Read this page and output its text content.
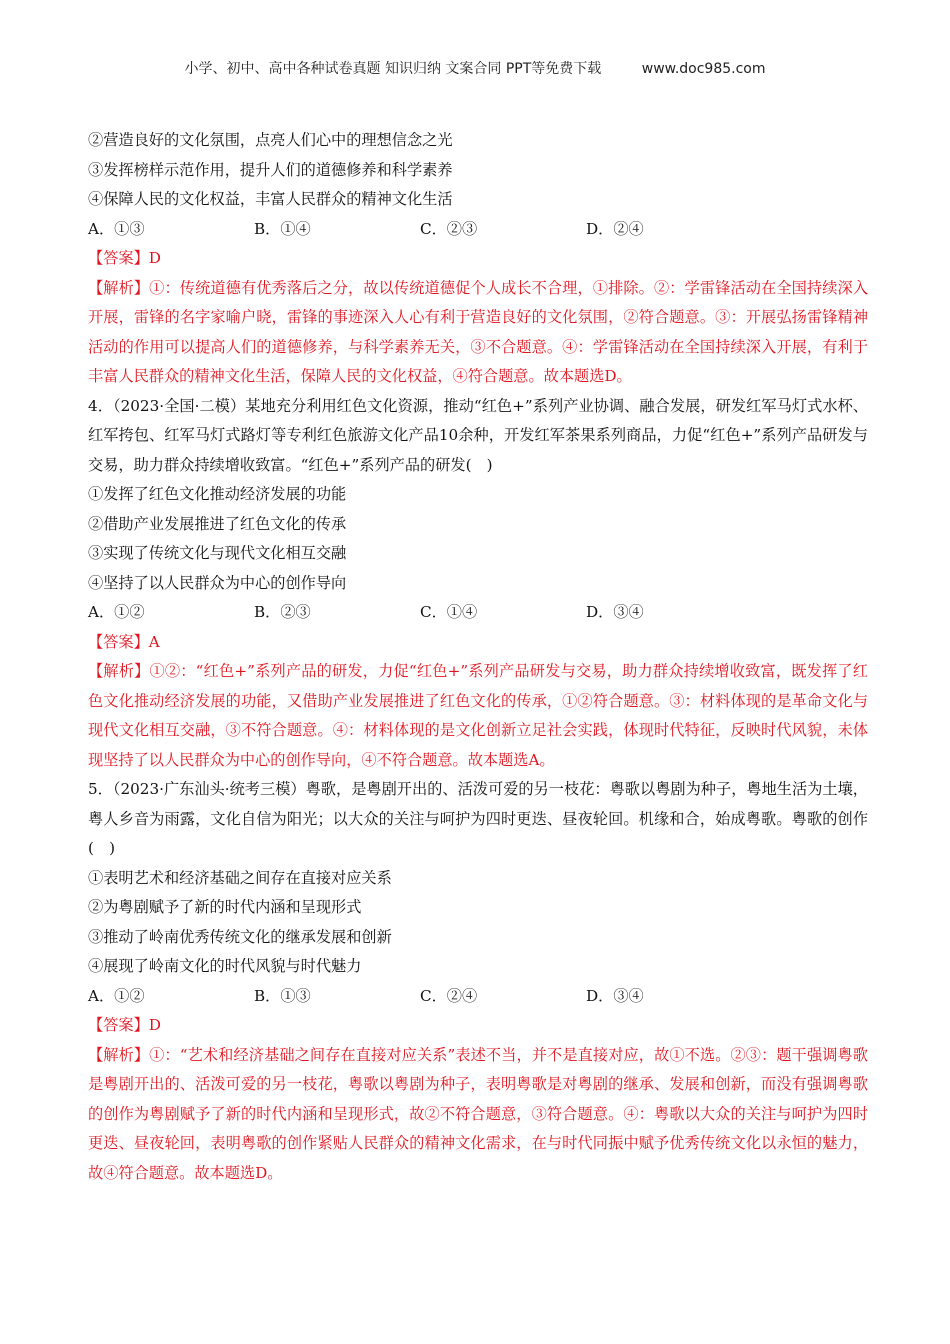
小学、初中、高中各种试卷真题 知识归纳 文案合同 PPT等免费下载	www.doc985.com
②营造良好的文化氛围，点亮人们心中的理想信念之光
③发挥榜样示范作用，提升人们的道德修养和科学素养
④保障人民的文化权益，丰富人民群众的精神文化生活
A．①③	B．①④	C．②③	D．②④
【答案】D
【解析】①：传统道德有优秀落后之分，故以传统道德促个人成长不合理，①排除。②：学雷锋活动在全国持续深入开展，雷锋的名字家喻户晓，雷锋的事迹深入人心有利于营造良好的文化氛围，②符合题意。③：开展弘扬雷锋精神活动的作用可以提高人们的道德修养，与科学素养无关，③不合题意。④：学雷锋活动在全国持续深入开展，有利于丰富人民群众的精神文化生活，保障人民的文化权益，④符合题意。故本题选D。
4．（2023·全国·二模）某地充分利用红色文化资源，推动“红色+”系列产业协调、融合发展，研发红军马灯式水杯、红军挎包、红军马灯式路灯等专利红色旅游文化产品10余种，开发红军茶果系列商品，力促“红色+”系列产品研发与交易，助力群众持续增收致富。“红色+”系列产品的研发(　)
①发挥了红色文化推动经济发展的功能
②借助产业发展推进了红色文化的传承
③实现了传统文化与现代文化相互交融
④坚持了以人民群众为中心的创作导向
A．①②	B．②③	C．①④	D．③④
【答案】A
【解析】①②：“红色+”系列产品的研发，力促“红色+”系列产品研发与交易，助力群众持续增收致富，既发挥了红色文化推动经济发展的功能，又借助产业发展推进了红色文化的传承，①②符合题意。③：材料体现的是革命文化与现代文化相互交融，③不符合题意。④：材料体现的是文化创新立足社会实践，体现时代特征，反映时代风貌，未体现坚持了以人民群众为中心的创作导向，④不符合题意。故本题选A。
5．（2023·广东汕头·统考三模）粤歌，是粤剧开出的、活泼可爱的另一枝花：粤歌以粤剧为种子，粤地生活为土壤，粤人乡音为雨露，文化自信为阳光；以大众的关注与呵护为四时更迭、昼夜轮回。机缘和合，始成粤歌。粤歌的创作(　)
①表明艺术和经济基础之间存在直接对应关系
②为粤剧赋予了新的时代内涵和呈现形式
③推动了岭南优秀传统文化的继承发展和创新
④展现了岭南文化的时代风貌与时代魅力
A．①②	B．①③	C．②④	D．③④
【答案】D
【解析】①：“艺术和经济基础之间存在直接对应关系”表述不当，并不是直接对应，故①不选。②③：题干强调粤歌是粤剧开出的、活泼可爱的另一枝花，粤歌以粤剧为种子，表明粤歌是对粤剧的继承、发展和创新，而没有强调粤歌的创作为粤剧赋予了新的时代内涵和呈现形式，故②不符合题意，③符合题意。④：粤歌以大众的关注与呵护为四时更迭、昼夜轮回，表明粤歌的创作紧贴人民群众的精神文化需求，在与时代同振中赋予优秀传统文化以永恒的魅力，故④符合题意。故本题选D。
